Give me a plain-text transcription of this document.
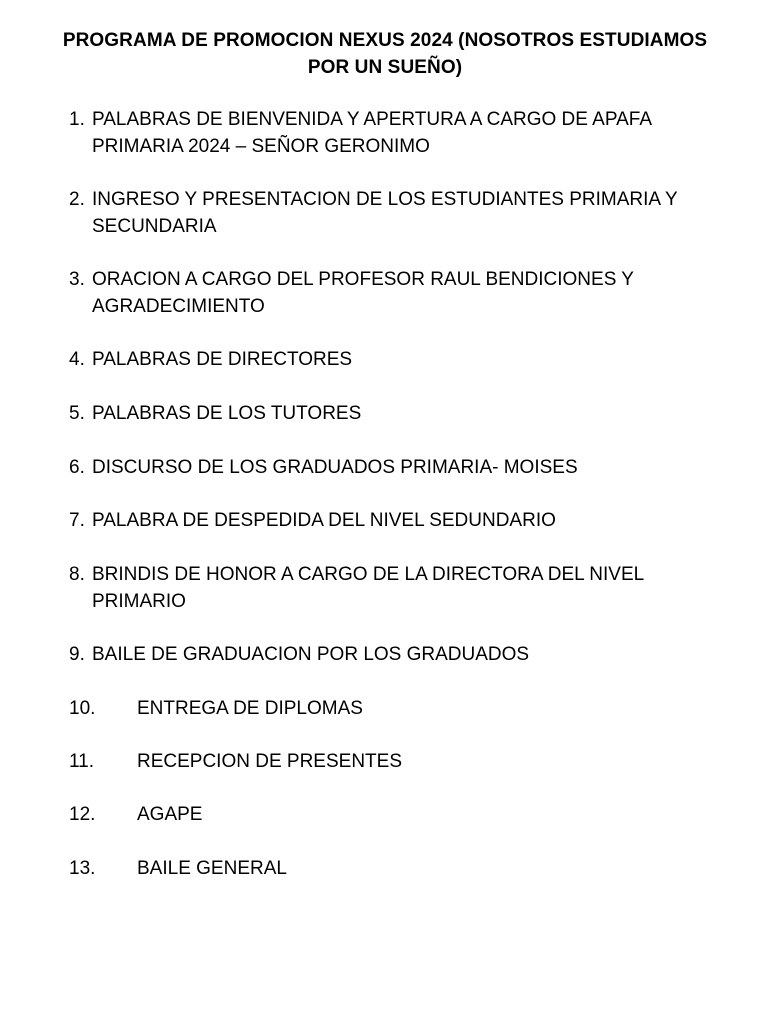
PROGRAMA DE PROMOCION NEXUS 2024 (NOSOTROS ESTUDIAMOS POR UN SUEÑO)
1. PALABRAS DE BIENVENIDA Y APERTURA A CARGO DE APAFA PRIMARIA 2024 – SEÑOR GERONIMO
2. INGRESO Y PRESENTACION DE LOS ESTUDIANTES PRIMARIA Y SECUNDARIA
3. ORACION A CARGO DEL PROFESOR RAUL BENDICIONES Y AGRADECIMIENTO
4. PALABRAS DE DIRECTORES
5. PALABRAS DE LOS TUTORES
6. DISCURSO DE LOS GRADUADOS PRIMARIA- MOISES
7. PALABRA DE DESPEDIDA DEL NIVEL SEDUNDARIO
8. BRINDIS DE HONOR A CARGO DE LA DIRECTORA DEL NIVEL PRIMARIO
9. BAILE DE GRADUACION POR LOS GRADUADOS
10. ENTREGA DE DIPLOMAS
11. RECEPCION DE PRESENTES
12. AGAPE
13. BAILE GENERAL
